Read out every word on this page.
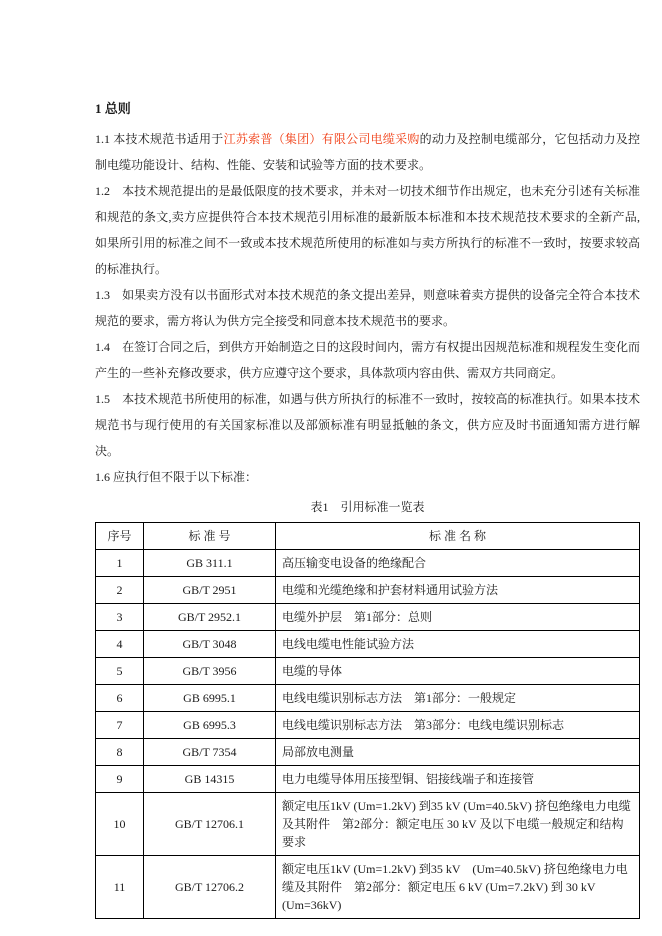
1 总则

1.1 本技术规范书适用于江苏索普（集团）有限公司电缆采购的动力及控制电缆部分，它包括动力及控制电缆功能设计、结构、性能、安装和试验等方面的技术要求。

1.2　本技术规范提出的是最低限度的技术要求，并未对一切技术细节作出规定，也未充分引述有关标准和规范的条文,卖方应提供符合本技术规范引用标准的最新版本标准和本技术规范技术要求的全新产品,如果所引用的标准之间不一致或本技术规范所使用的标准如与卖方所执行的标准不一致时，按要求较高的标准执行。

1.3　如果卖方没有以书面形式对本技术规范的条文提出差异，则意味着卖方提供的设备完全符合本技术规范的要求，需方将认为供方完全接受和同意本技术规范书的要求。

1.4　在签订合同之后，到供方开始制造之日的这段时间内，需方有权提出因规范标准和规程发生变化而产生的一些补充修改要求，供方应遵守这个要求，具体款项内容由供、需双方共同商定。

1.5　本技术规范书所使用的标准，如遇与供方所执行的标准不一致时，按较高的标准执行。如果本技术规范书与现行使用的有关国家标准以及部颁标准有明显抵触的条文，供方应及时书面通知需方进行解决。

1.6 应执行但不限于以下标准：

表1　引用标准一览表

序号	标 准 号	标 准 名 称
1	GB 311.1	高压输变电设备的绝缘配合
2	GB/T 2951	电缆和光缆绝缘和护套材料通用试验方法
3	GB/T 2952.1	电缆外护层　第1部分：总则
4	GB/T 3048	电线电缆电性能试验方法
5	GB/T 3956	电缆的导体
6	GB 6995.1	电线电缆识别标志方法　第1部分：一般规定
7	GB 6995.3	电线电缆识别标志方法　第3部分：电线电缆识别标志
8	GB/T 7354	局部放电测量
9	GB 14315	电力电缆导体用压接型铜、铝接线端子和连接管
10	GB/T 12706.1	额定电压1kV (Um=1.2kV) 到35 kV (Um=40.5kV) 挤包绝缘电力电缆及其附件　第2部分：额定电压 30 kV 及以下电缆一般规定和结构要求
11	GB/T 12706.2	额定电压1kV (Um=1.2kV) 到35 kV　(Um=40.5kV) 挤包绝缘电力电缆及其附件　第2部分：额定电压 6 kV (Um=7.2kV) 到 30 kV (Um=36kV)
